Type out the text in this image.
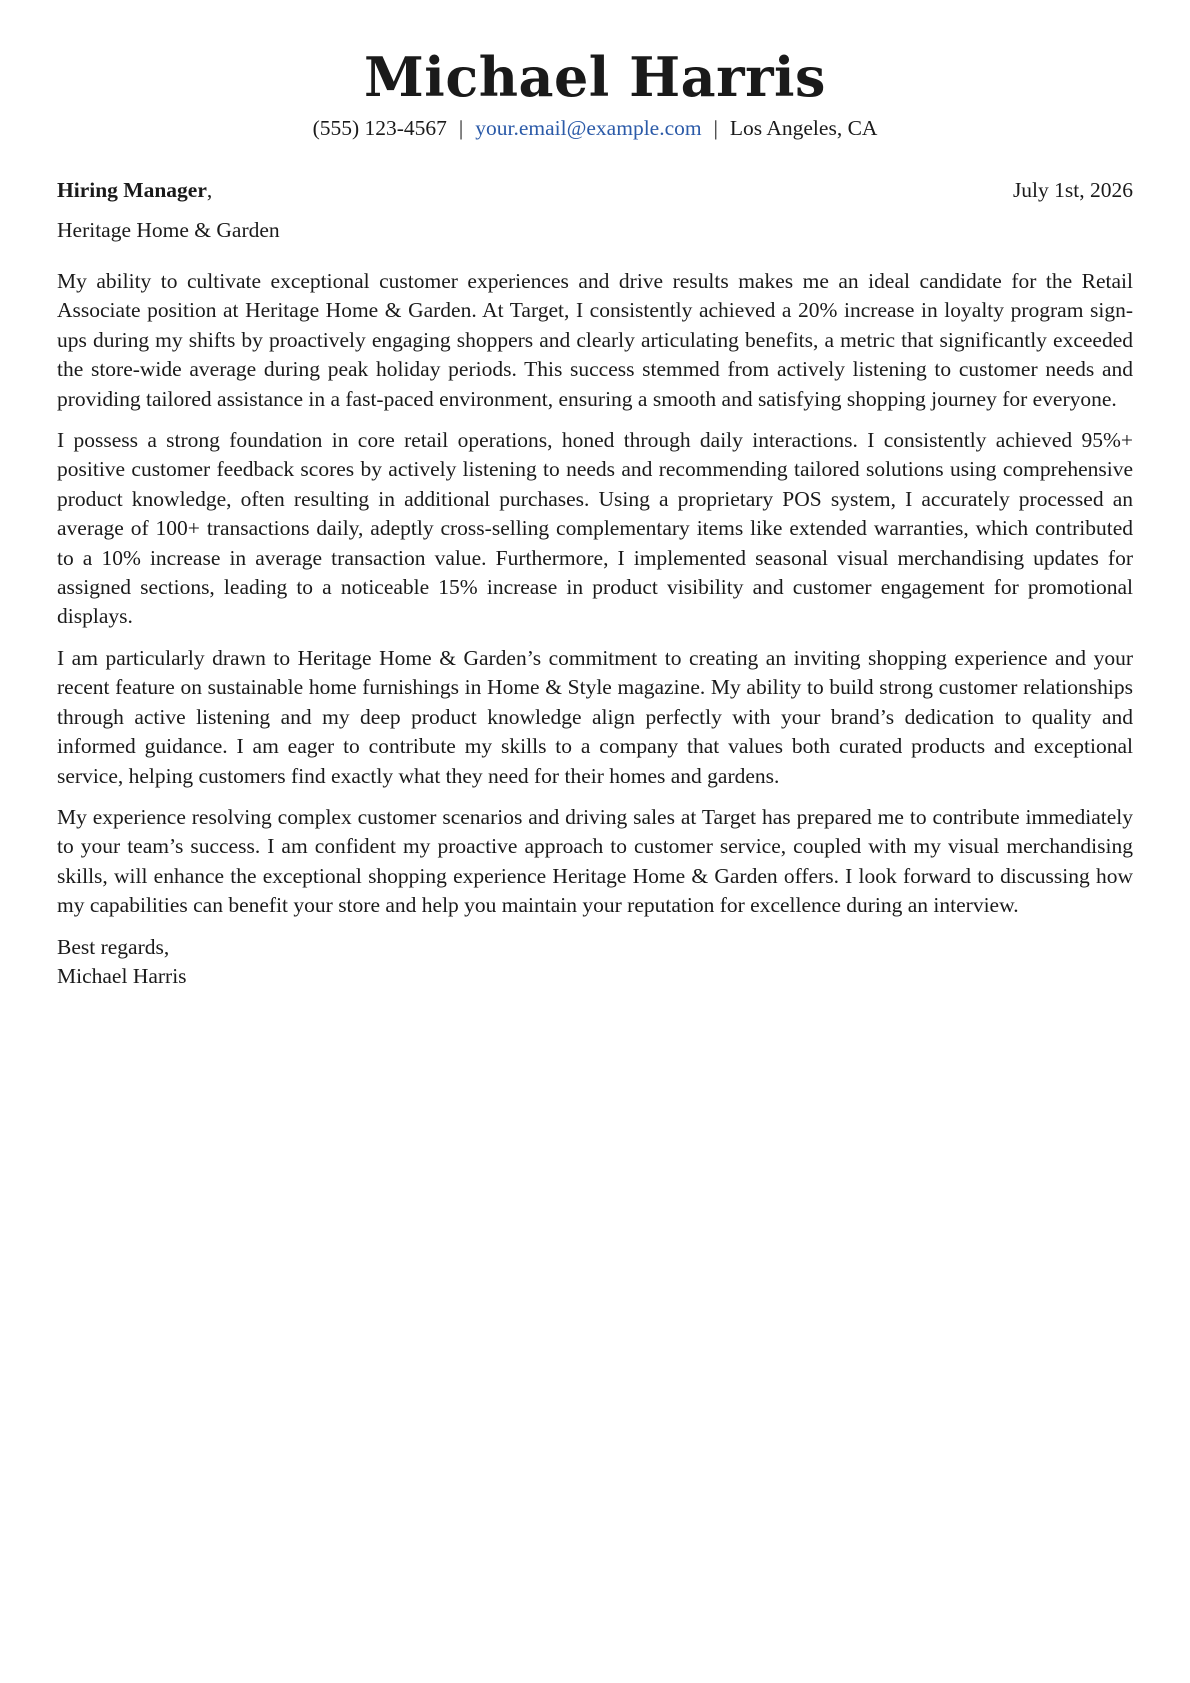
Michael Harris
(555) 123-4567 | your.email@example.com | Los Angeles, CA
Hiring Manager,	July 1st, 2026
Heritage Home & Garden

My ability to cultivate exceptional customer experiences and drive results makes me an ideal candidate for the Retail Associate position at Heritage Home & Garden. At Target, I consistently achieved a 20% increase in loyalty program sign-ups during my shifts by proactively engaging shoppers and clearly articulating benefits, a metric that significantly exceeded the store-wide average during peak holiday periods. This success stemmed from actively listening to customer needs and providing tailored assistance in a fast-paced environment, ensuring a smooth and satisfying shopping journey for everyone.

I possess a strong foundation in core retail operations, honed through daily interactions. I consistently achieved 95%+ positive customer feedback scores by actively listening to needs and recommending tailored solutions using comprehensive product knowledge, often resulting in additional purchases. Using a proprietary POS system, I accurately processed an average of 100+ transactions daily, adeptly cross-selling complementary items like extended warranties, which contributed to a 10% increase in average transaction value. Furthermore, I implemented seasonal visual merchandising updates for assigned sections, leading to a noticeable 15% increase in product visibility and customer engagement for promotional displays.

I am particularly drawn to Heritage Home & Garden’s commitment to creating an inviting shopping experience and your recent feature on sustainable home furnishings in Home & Style magazine. My ability to build strong customer relationships through active listening and my deep product knowledge align perfectly with your brand’s dedication to quality and informed guidance. I am eager to contribute my skills to a company that values both curated products and exceptional service, helping customers find exactly what they need for their homes and gardens.

My experience resolving complex customer scenarios and driving sales at Target has prepared me to contribute immediately to your team’s success. I am confident my proactive approach to customer service, coupled with my visual merchandising skills, will enhance the exceptional shopping experience Heritage Home & Garden offers. I look forward to discussing how my capabilities can benefit your store and help you maintain your reputation for excellence during an interview.

Best regards,
Michael Harris
